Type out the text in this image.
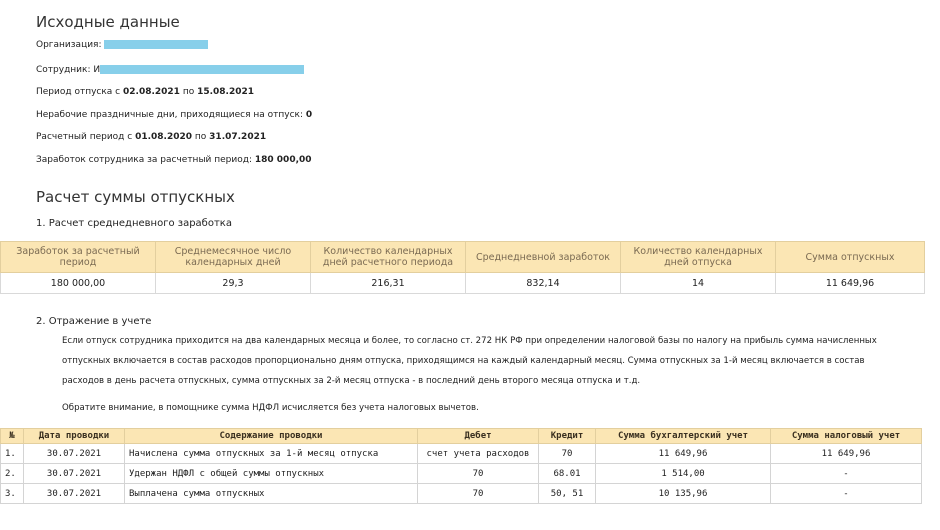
Исходные данные
Организация:
Сотрудник: И
Период отпуска с 02.08.2021 по 15.08.2021
Нерабочие праздничные дни, приходящиеся на отпуск: 0
Расчетный период с 01.08.2020 по 31.07.2021
Заработок сотрудника за расчетный период: 180 000,00
Расчет суммы отпускных
1. Расчет среднедневного заработка
Заработок за расчетный период	Среднемесячное число календарных дней	Количество календарных дней расчетного периода	Среднедневной заработок	Количество календарных дней отпуска	Сумма отпускных
180 000,00	29,3	216,31	832,14	14	11 649,96
2. Отражение в учете
Если отпуск сотрудника приходится на два календарных месяца и более, то согласно ст. 272 НК РФ при определении налоговой базы по налогу на прибыль сумма начисленных отпускных включается в состав расходов пропорционально дням отпуска, приходящимся на каждый календарный месяц. Сумма отпускных за 1-й месяц включается в состав расходов в день расчета отпускных, сумма отпускных за 2-й месяц отпуска - в последний день второго месяца отпуска и т.д.
Обратите внимание, в помощнике сумма НДФЛ исчисляется без учета налоговых вычетов.
№	Дата проводки	Содержание проводки	Дебет	Кредит	Сумма бухгалтерский учет	Сумма налоговый учет
1.	30.07.2021	Начислена сумма отпускных за 1-й месяц отпуска	счет учета расходов	70	11 649,96	11 649,96
2.	30.07.2021	Удержан НДФЛ с общей суммы отпускных	70	68.01	1 514,00	-
3.	30.07.2021	Выплачена сумма отпускных	70	50, 51	10 135,96	-
